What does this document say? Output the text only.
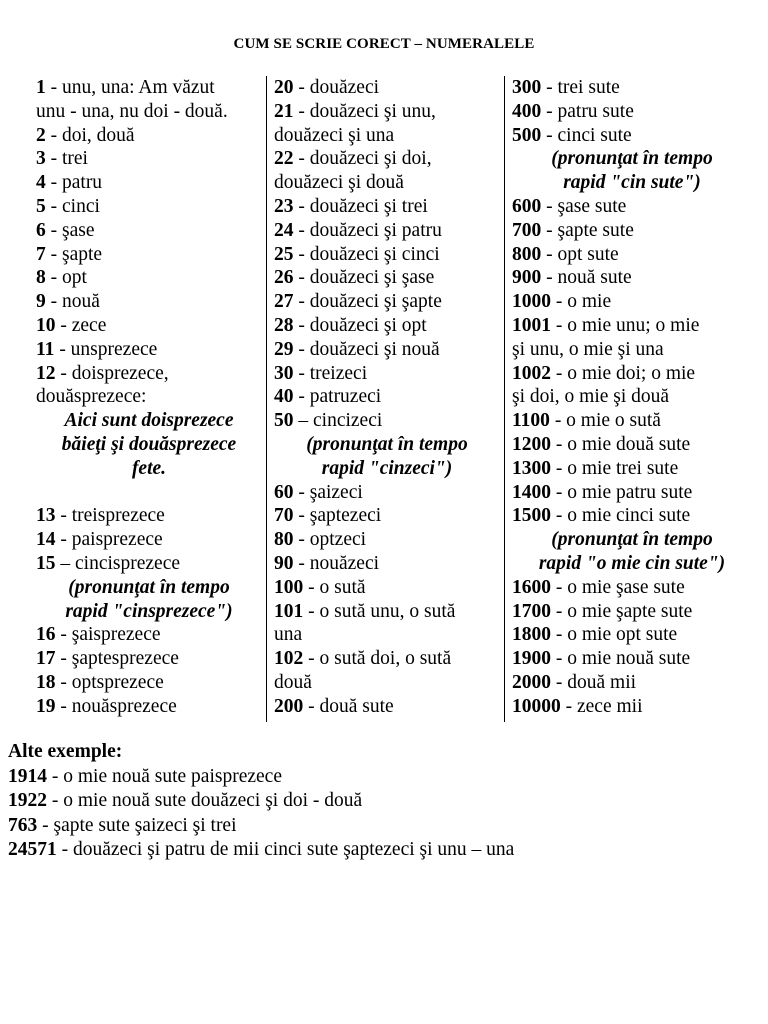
CUM SE SCRIE CORECT – NUMERALELE
1 - unu, una: Am văzut
unu - una, nu doi - două.
2 - doi, două
3 - trei
4 - patru
5 - cinci
6 - şase
7 - şapte
8 - opt
9 - nouă
10 - zece
11 - unsprezece
12 - doisprezece,
douăsprezece:
Aici sunt doisprezece
băieţi şi douăsprezece
fete.
13 - treisprezece
14 - paisprezece
15 – cincisprezece
(pronunţat în tempo
rapid "cinsprezece")
16 - şaisprezece
17 - şaptesprezece
18 - optsprezece
19 - nouăsprezece
20 - douăzeci
21 - douăzeci şi unu,
douăzeci şi una
22 - douăzeci şi doi,
douăzeci şi două
23 - douăzeci şi trei
24 - douăzeci şi patru
25 - douăzeci şi cinci
26 - douăzeci şi şase
27 - douăzeci şi şapte
28 - douăzeci şi opt
29 - douăzeci şi nouă
30 - treizeci
40 - patruzeci
50 – cincizeci
(pronunţat în tempo
rapid "cinzeci")
60 - şaizeci
70 - şaptezeci
80 - optzeci
90 - nouăzeci
100 - o sută
101 - o sută unu, o sută
una
102 - o sută doi, o sută
două
200 - două sute
300 - trei sute
400 - patru sute
500 - cinci sute
(pronunţat în tempo
rapid "cin sute")
600 - şase sute
700 - şapte sute
800 - opt sute
900 - nouă sute
1000 - o mie
1001 - o mie unu; o mie
şi unu, o mie şi una
1002 - o mie doi; o mie
şi doi, o mie şi două
1100 - o mie o sută
1200 - o mie două sute
1300 - o mie trei sute
1400 - o mie patru sute
1500 - o mie cinci sute
(pronunţat în tempo
rapid "o mie cin sute")
1600 - o mie şase sute
1700 - o mie şapte sute
1800 - o mie opt sute
1900 - o mie nouă sute
2000 - două mii
10000 - zece mii
Alte exemple:
1914 - o mie nouă sute paisprezece
1922 - o mie nouă sute douăzeci şi doi - două
763 - şapte sute şaizeci şi trei
24571 - douăzeci şi patru de mii cinci sute şaptezeci şi unu – una
